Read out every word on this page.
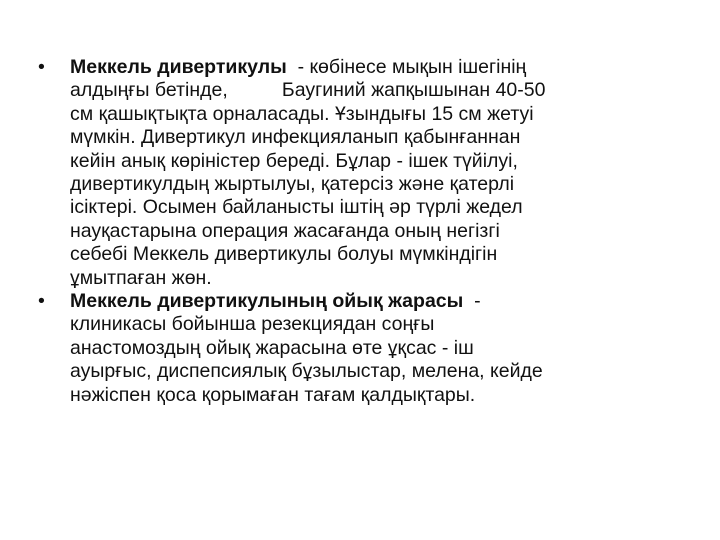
• Меккель дивертикулы  - көбінесе мықын ішегінің
алдыңғы бетінде,          Баугиний жапқышынан 40-50
см қашықтықта орналасады. Ұзындығы 15 см жетуі
мүмкін. Дивертикул инфекцияланып қабынғаннан
кейін анық көріністер береді. Бұлар - ішек түйілуі,
дивертикулдың жыртылуы, қатерсіз және қатерлі
ісіктері. Осымен байланысты іштің әр түрлі жедел
науқастарына операция жасағанда оның негізгі
себебі Меккель дивертикулы болуы мүмкіндігін
ұмытпаған жөн.
• Меккель дивертикулының ойық жарасы  -
клиникасы бойынша резекциядан соңғы
анастомоздың ойық жарасына өте ұқсас - іш
ауырғыс, диспепсиялық бұзылыстар, мелена, кейде
нәжіспен қоса қорымаған тағам қалдықтары.
